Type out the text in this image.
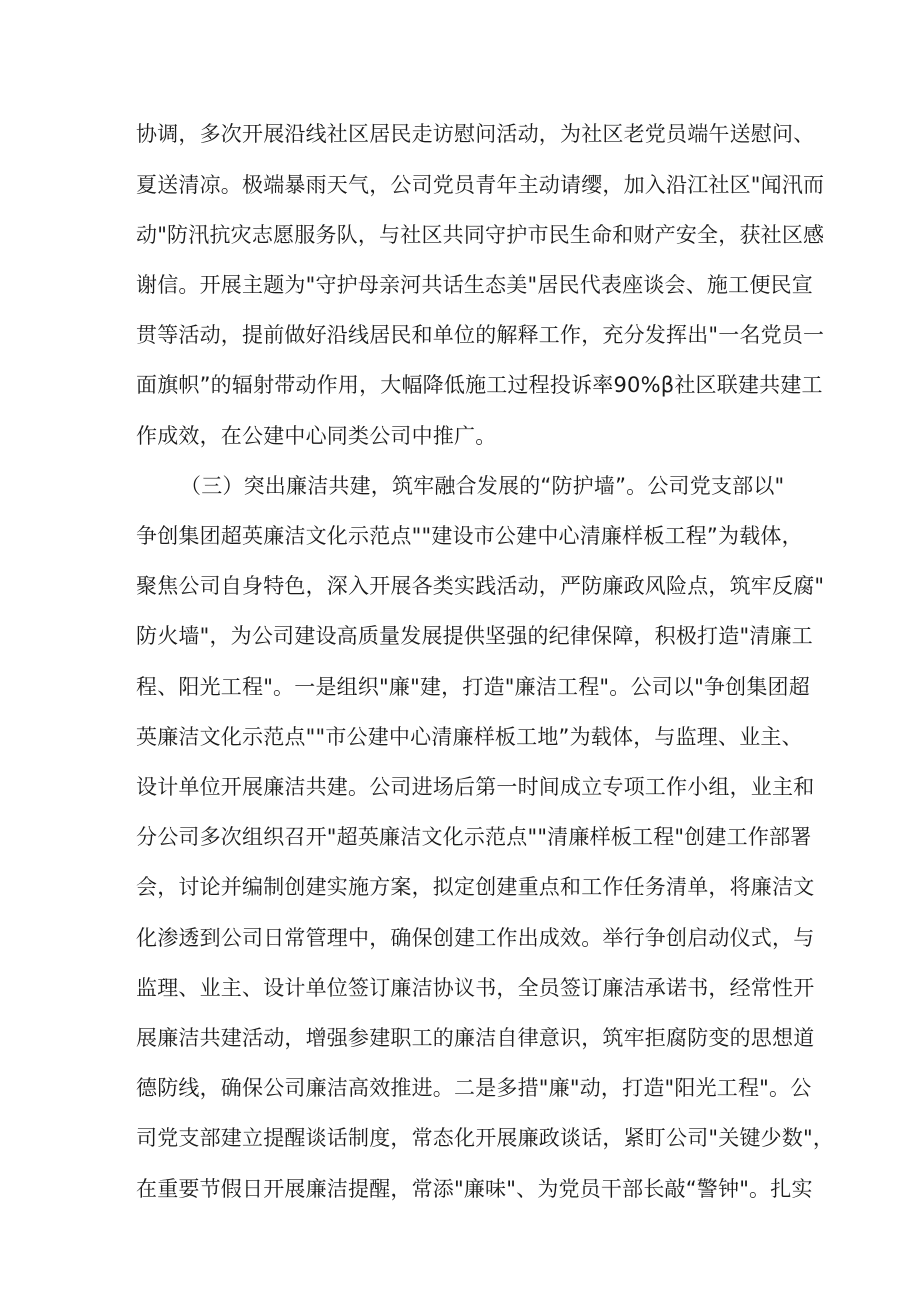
协调，多次开展沿线社区居民走访慰问活动，为社区老党员端午送慰问、
夏送清凉。极端暴雨天气，公司党员青年主动请缨，加入沿江社区"闻汛而
动"防汛抗灾志愿服务队，与社区共同守护市民生命和财产安全，获社区感
谢信。开展主题为"守护母亲河共话生态美"居民代表座谈会、施工便民宣
贯等活动，提前做好沿线居民和单位的解释工作，充分发挥出"一名党员一
面旗帜”的辐射带动作用，大幅降低施工过程投诉率90%β社区联建共建工
作成效，在公建中心同类公司中推广。
（三）突出廉洁共建，筑牢融合发展的“防护墙”。公司党支部以"
争创集团超英廉洁文化示范点""建设市公建中心清廉样板工程”为载体，
聚焦公司自身特色，深入开展各类实践活动，严防廉政风险点，筑牢反腐"
防火墙"，为公司建设高质量发展提供坚强的纪律保障，积极打造"清廉工
程、阳光工程"。一是组织"廉"建，打造"廉洁工程"。公司以"争创集团超
英廉洁文化示范点""市公建中心清廉样板工地”为载体，与监理、业主、
设计单位开展廉洁共建。公司进场后第一时间成立专项工作小组，业主和
分公司多次组织召开"超英廉洁文化示范点""清廉样板工程"创建工作部署
会，讨论并编制创建实施方案，拟定创建重点和工作任务清单，将廉洁文
化渗透到公司日常管理中，确保创建工作出成效。举行争创启动仪式，与
监理、业主、设计单位签订廉洁协议书，全员签订廉洁承诺书，经常性开
展廉洁共建活动，增强参建职工的廉洁自律意识，筑牢拒腐防变的思想道
德防线，确保公司廉洁高效推进。二是多措"廉"动，打造"阳光工程"。公
司党支部建立提醒谈话制度，常态化开展廉政谈话，紧盯公司"关键少数"，
在重要节假日开展廉洁提醒，常添"廉味"、为党员干部长敲“警钟"。扎实
